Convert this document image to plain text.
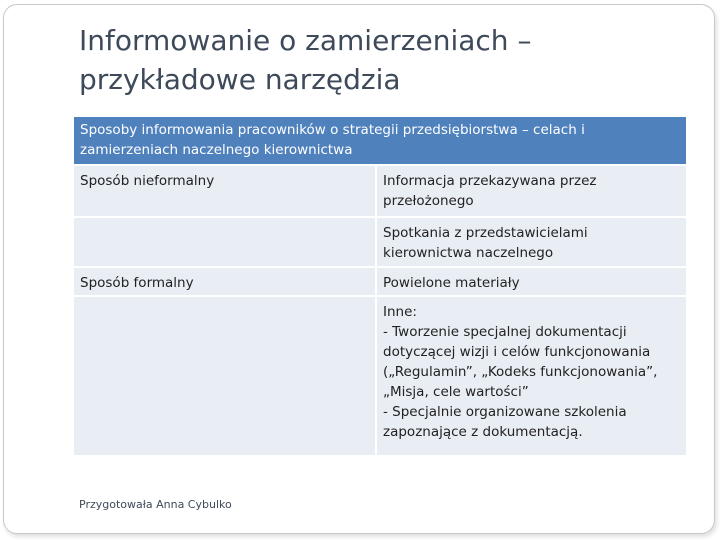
Informowanie o zamierzeniach – przykładowe narzędzia
Sposoby informowania pracowników o strategii przedsiębiorstwa – celach i zamierzeniach naczelnego kierownictwa
Sposób nieformalny	Informacja przekazywana przez przełożonego
Spotkania z przedstawicielami kierownictwa naczelnego
Sposób formalny	Powielone materiały
Inne:
- Tworzenie specjalnej dokumentacji dotyczącej wizji i celów funkcjonowania („Regulamin”, „Kodeks funkcjonowania”, „Misja, cele wartości”
- Specjalnie organizowane szkolenia zapoznające z dokumentacją.
Przygotowała Anna Cybulko
